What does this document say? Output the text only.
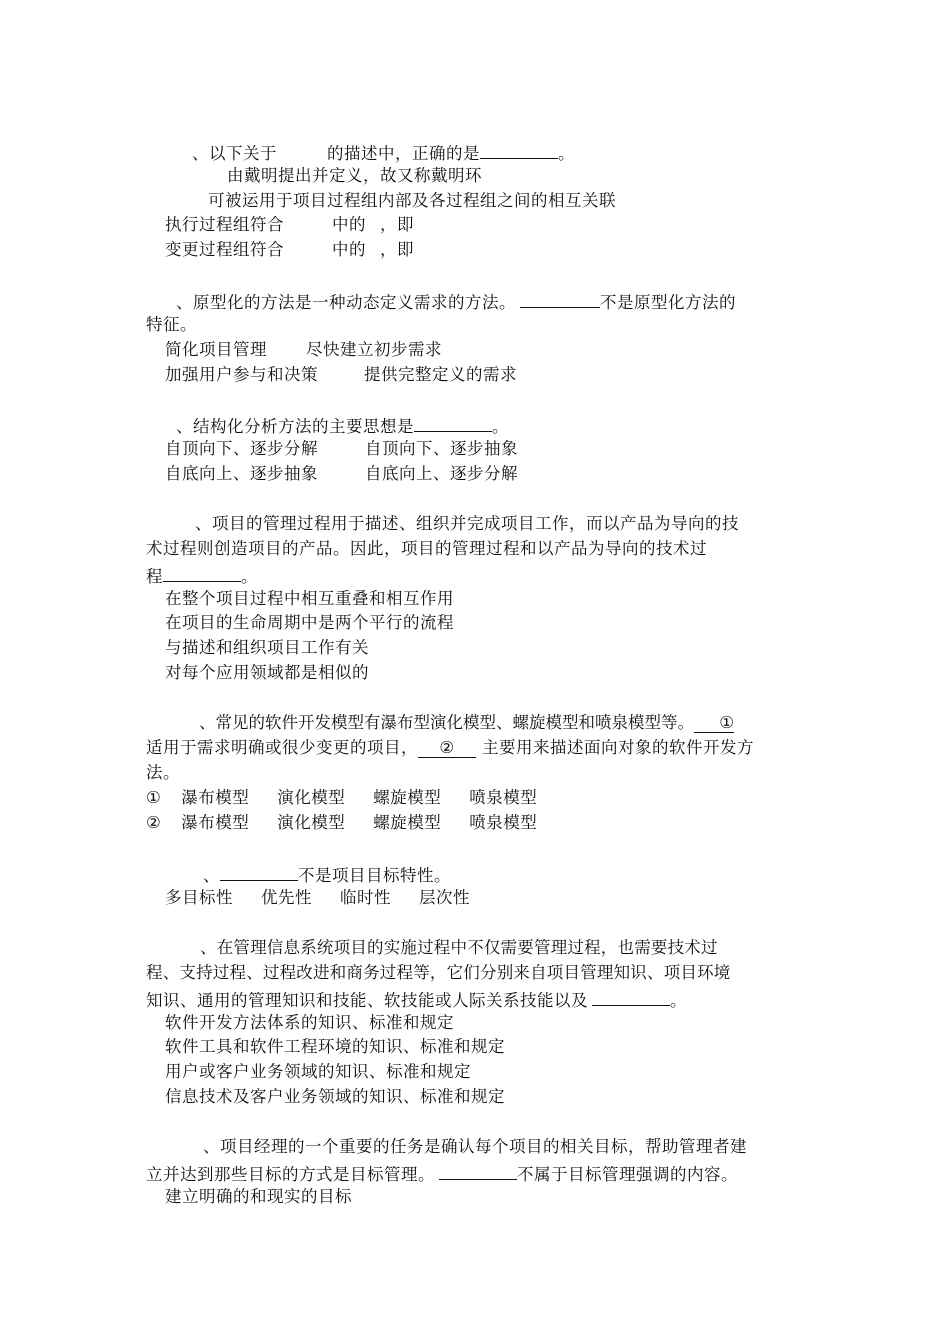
、以下关于	的描述中，正确的是	。
由戴明提出并定义，故又称戴明环
可被运用于项目过程组内部及各过程组之间的相互关联
执行过程组符合	中的 ，即
变更过程组符合	中的 ，即
、原型化的方法是一种动态定义需求的方法。	不是原型化方法的
特征。
简化项目管理 尽快建立初步需求
加强用户参与和决策	提供完整定义的需求
、结构化分析方法的主要思想是	。
自顶向下、逐步分解	自顶向下、逐步抽象
自底向上、逐步抽象	自底向上、逐步分解
、项目的管理过程用于描述、组织并完成项目工作，而以产品为导向的技
术过程则创造项目的产品。因此，项目的管理过程和以产品为导向的技术过
程	。
在整个项目过程中相互重叠和相互作用
在项目的生命周期中是两个平行的流程
与描述和组织项目工作有关
对每个应用领域都是相似的
、常见的软件开发模型有瀑布型演化模型、螺旋模型和喷泉模型等。 ①
适用于需求明确或很少变更的项目， ② 主要用来描述面向对象的软件开发方
法。
① 瀑布模型 演化模型 螺旋模型 喷泉模型
② 瀑布模型 演化模型 螺旋模型 喷泉模型
、	不是项目目标特性。
多目标性 优先性 临时性 层次性
、在管理信息系统项目的实施过程中不仅需要管理过程，也需要技术过
程、支持过程、过程改进和商务过程等，它们分别来自项目管理知识、项目环境
知识、通用的管理知识和技能、软技能或人际关系技能以及	。
软件开发方法体系的知识、标准和规定
软件工具和软件工程环境的知识、标准和规定
用户或客户业务领域的知识、标准和规定
信息技术及客户业务领域的知识、标准和规定
、项目经理的一个重要的任务是确认每个项目的相关目标，帮助管理者建
立并达到那些目标的方式是目标管理。	不属于目标管理强调的内容。
建立明确的和现实的目标
